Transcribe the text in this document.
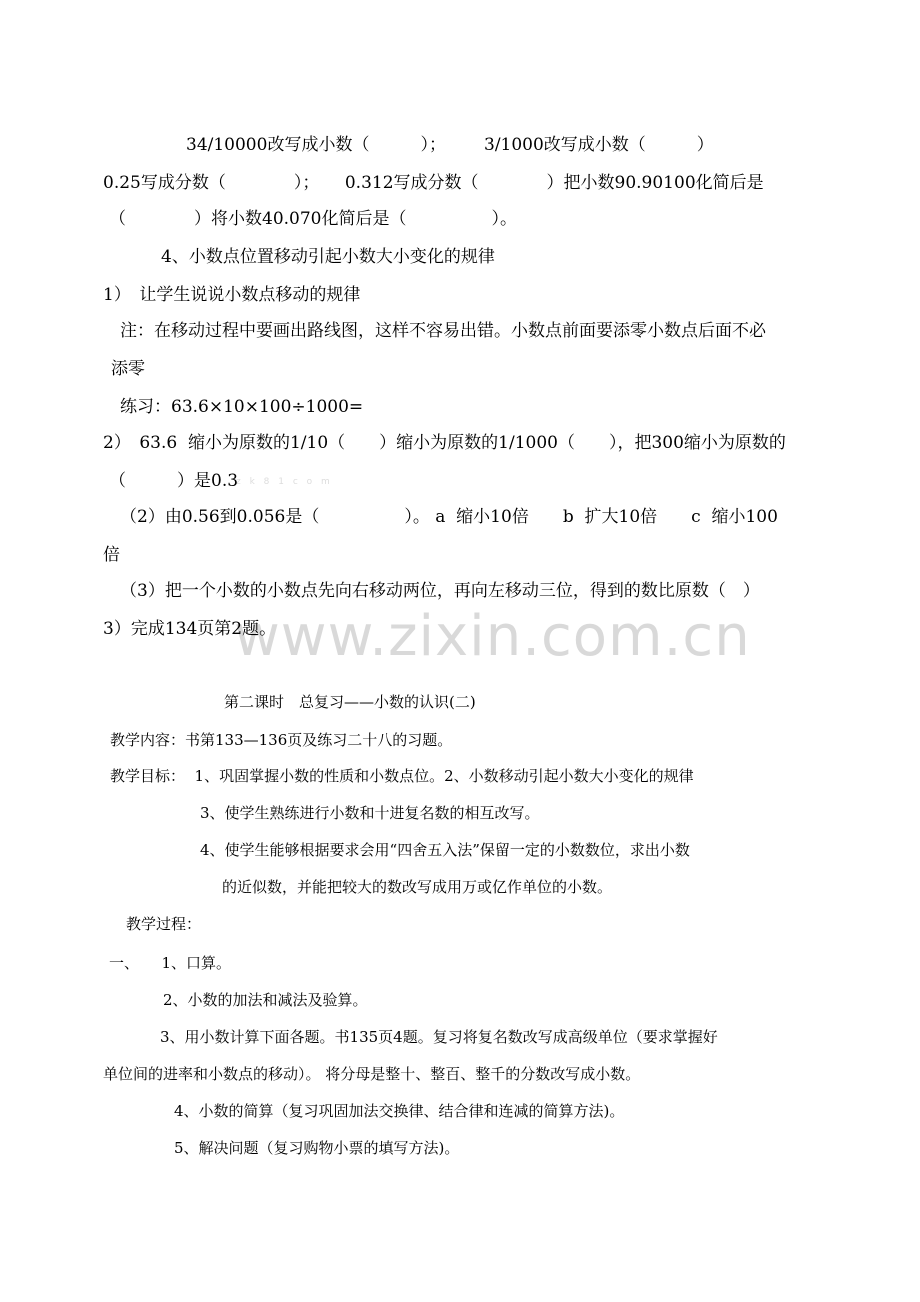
www.zixin.com.cn
z k 8 1 c o m
34/10000改写成小数（　　　）； 3/1000改写成小数（　　　）
0.25写成分数（　　　　）；　　0.312写成分数（　　　　）把小数90.90100化简后是
（　　　　）将小数40.070化简后是（　　　　　）。
4、小数点位置移动引起小数大小变化的规律
1）　让学生说说小数点移动的规律
注：在移动过程中要画出路线图，这样不容易出错。小数点前面要添零小数点后面不必
添零
练习：63.6×10×100÷1000=
2）　63.6  缩小为原数的1/10（　　）缩小为原数的1/1000（　　），把300缩小为原数的
（　　　）是0.3
（2）由0.56到0.056是（　　　　　）。 a  缩小10倍　　b  扩大10倍　　c  缩小100
倍
（3）把一个小数的小数点先向右移动两位，再向左移动三位，得到的数比原数（　）
3）完成134页第2题。
第二课时　总复习——小数的认识(二)
教学内容：书第133—136页及练习二十八的习题。
教学目标：  1、巩固掌握小数的性质和小数点位。2、小数移动引起小数大小变化的规律
3、使学生熟练进行小数和十进复名数的相互改写。
4、使学生能够根据要求会用“四舍五入法”保留一定的小数数位，求出小数
的近似数，并能把较大的数改写成用万或亿作单位的小数。
教学过程：
一、　　1、口算。
2、小数的加法和减法及验算。
3、用小数计算下面各题。书135页4题。复习将复名数改写成高级单位（要求掌握好
单位间的进率和小数点的移动）。 将分母是整十、整百、整千的分数改写成小数。
4、小数的简算（复习巩固加法交换律、结合律和连减的简算方法)。
5、解决问题（复习购物小票的填写方法)。
